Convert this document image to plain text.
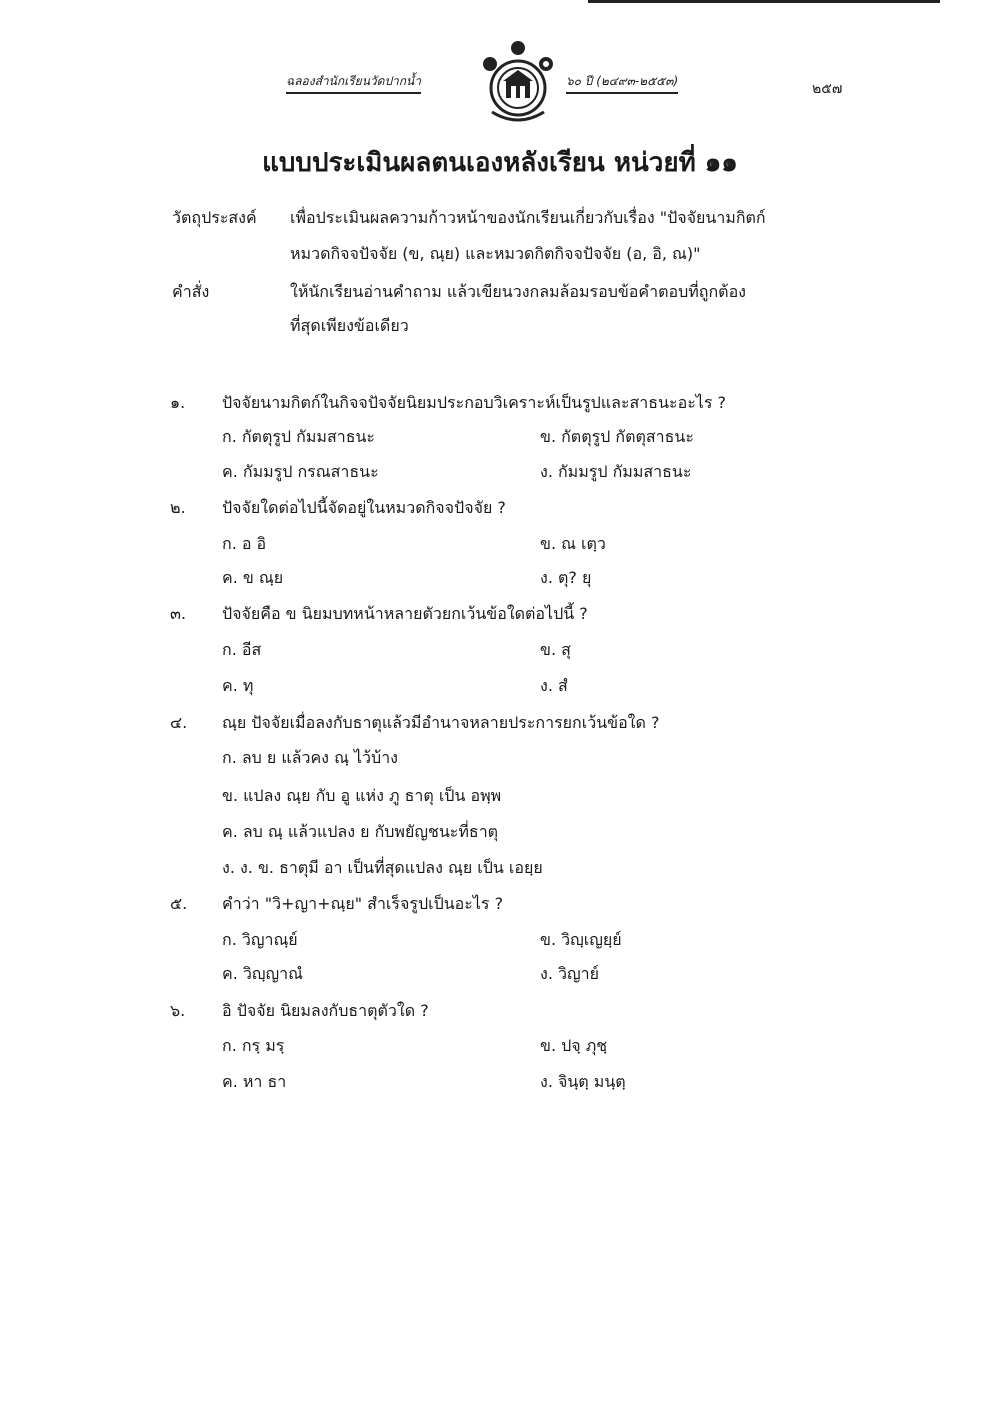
ฉลองสำนักเรียนวัดปากน้ำ	๖๐ ปี (๒๔๙๓-๒๕๕๓)	๒๕๗
แบบประเมินผลตนเองหลังเรียน หน่วยที่ ๑๑
วัตถุประสงค์ เพื่อประเมินผลความก้าวหน้าของนักเรียนเกี่ยวกับเรื่อง "ปัจจัยนามกิตก์
หมวดกิจจปัจจัย (ข, ณฺย) และหมวดกิตกิจจปัจจัย (อ, อิ, ณ)"
คำสั่ง	ให้นักเรียนอ่านคำถาม แล้วเขียนวงกลมล้อมรอบข้อคำตอบที่ถูกต้อง
ที่สุดเพียงข้อเดียว
๑. ปัจจัยนามกิตก์ในกิจจปัจจัยนิยมประกอบวิเคราะห์เป็นรูปและสาธนะอะไร ?
ก. กัตตุรูป กัมมสาธนะ	ข. กัตตุรูป กัตตุสาธนะ
ค. กัมมรูป กรณสาธนะ	ง. กัมมรูป กัมมสาธนะ
๒. ปัจจัยใดต่อไปนี้จัดอยู่ในหมวดกิจจปัจจัย ?
ก. อ อิ	ข. ณ เตฺว
ค. ข ณฺย	ง. ตุ? ยุ
๓. ปัจจัยคือ ข นิยมบทหน้าหลายตัวยกเว้นข้อใดต่อไปนี้ ?
ก. อีส	ข. สุ
ค. ทุ	ง. สํ
๔. ณฺย ปัจจัยเมื่อลงกับธาตุแล้วมีอำนาจหลายประการยกเว้นข้อใด ?
ก. ลบ ย แล้วคง ณฺ ไว้บ้าง
ข. แปลง ณฺย กับ อู แห่ง ภู ธาตุ เป็น อพฺพ
ค. ลบ ณฺ แล้วแปลง ย กับพยัญชนะที่ธาตุ
ง. ง. ข. ธาตุมี อา เป็นที่สุดแปลง ณฺย เป็น เอยฺย
๕. คำว่า "วิ+ญา+ณฺย" สำเร็จรูปเป็นอะไร ?
ก. วิญาณฺย์	ข. วิญฺเญยฺย์
ค. วิญฺญาณํ	ง. วิญาย์
๖. อิ ปัจจัย นิยมลงกับธาตุตัวใด ?
ก. กรฺ มรฺ	ข. ปจฺ ภุชฺ
ค. หา ธา	ง. จินฺตฺ มนฺตฺ
